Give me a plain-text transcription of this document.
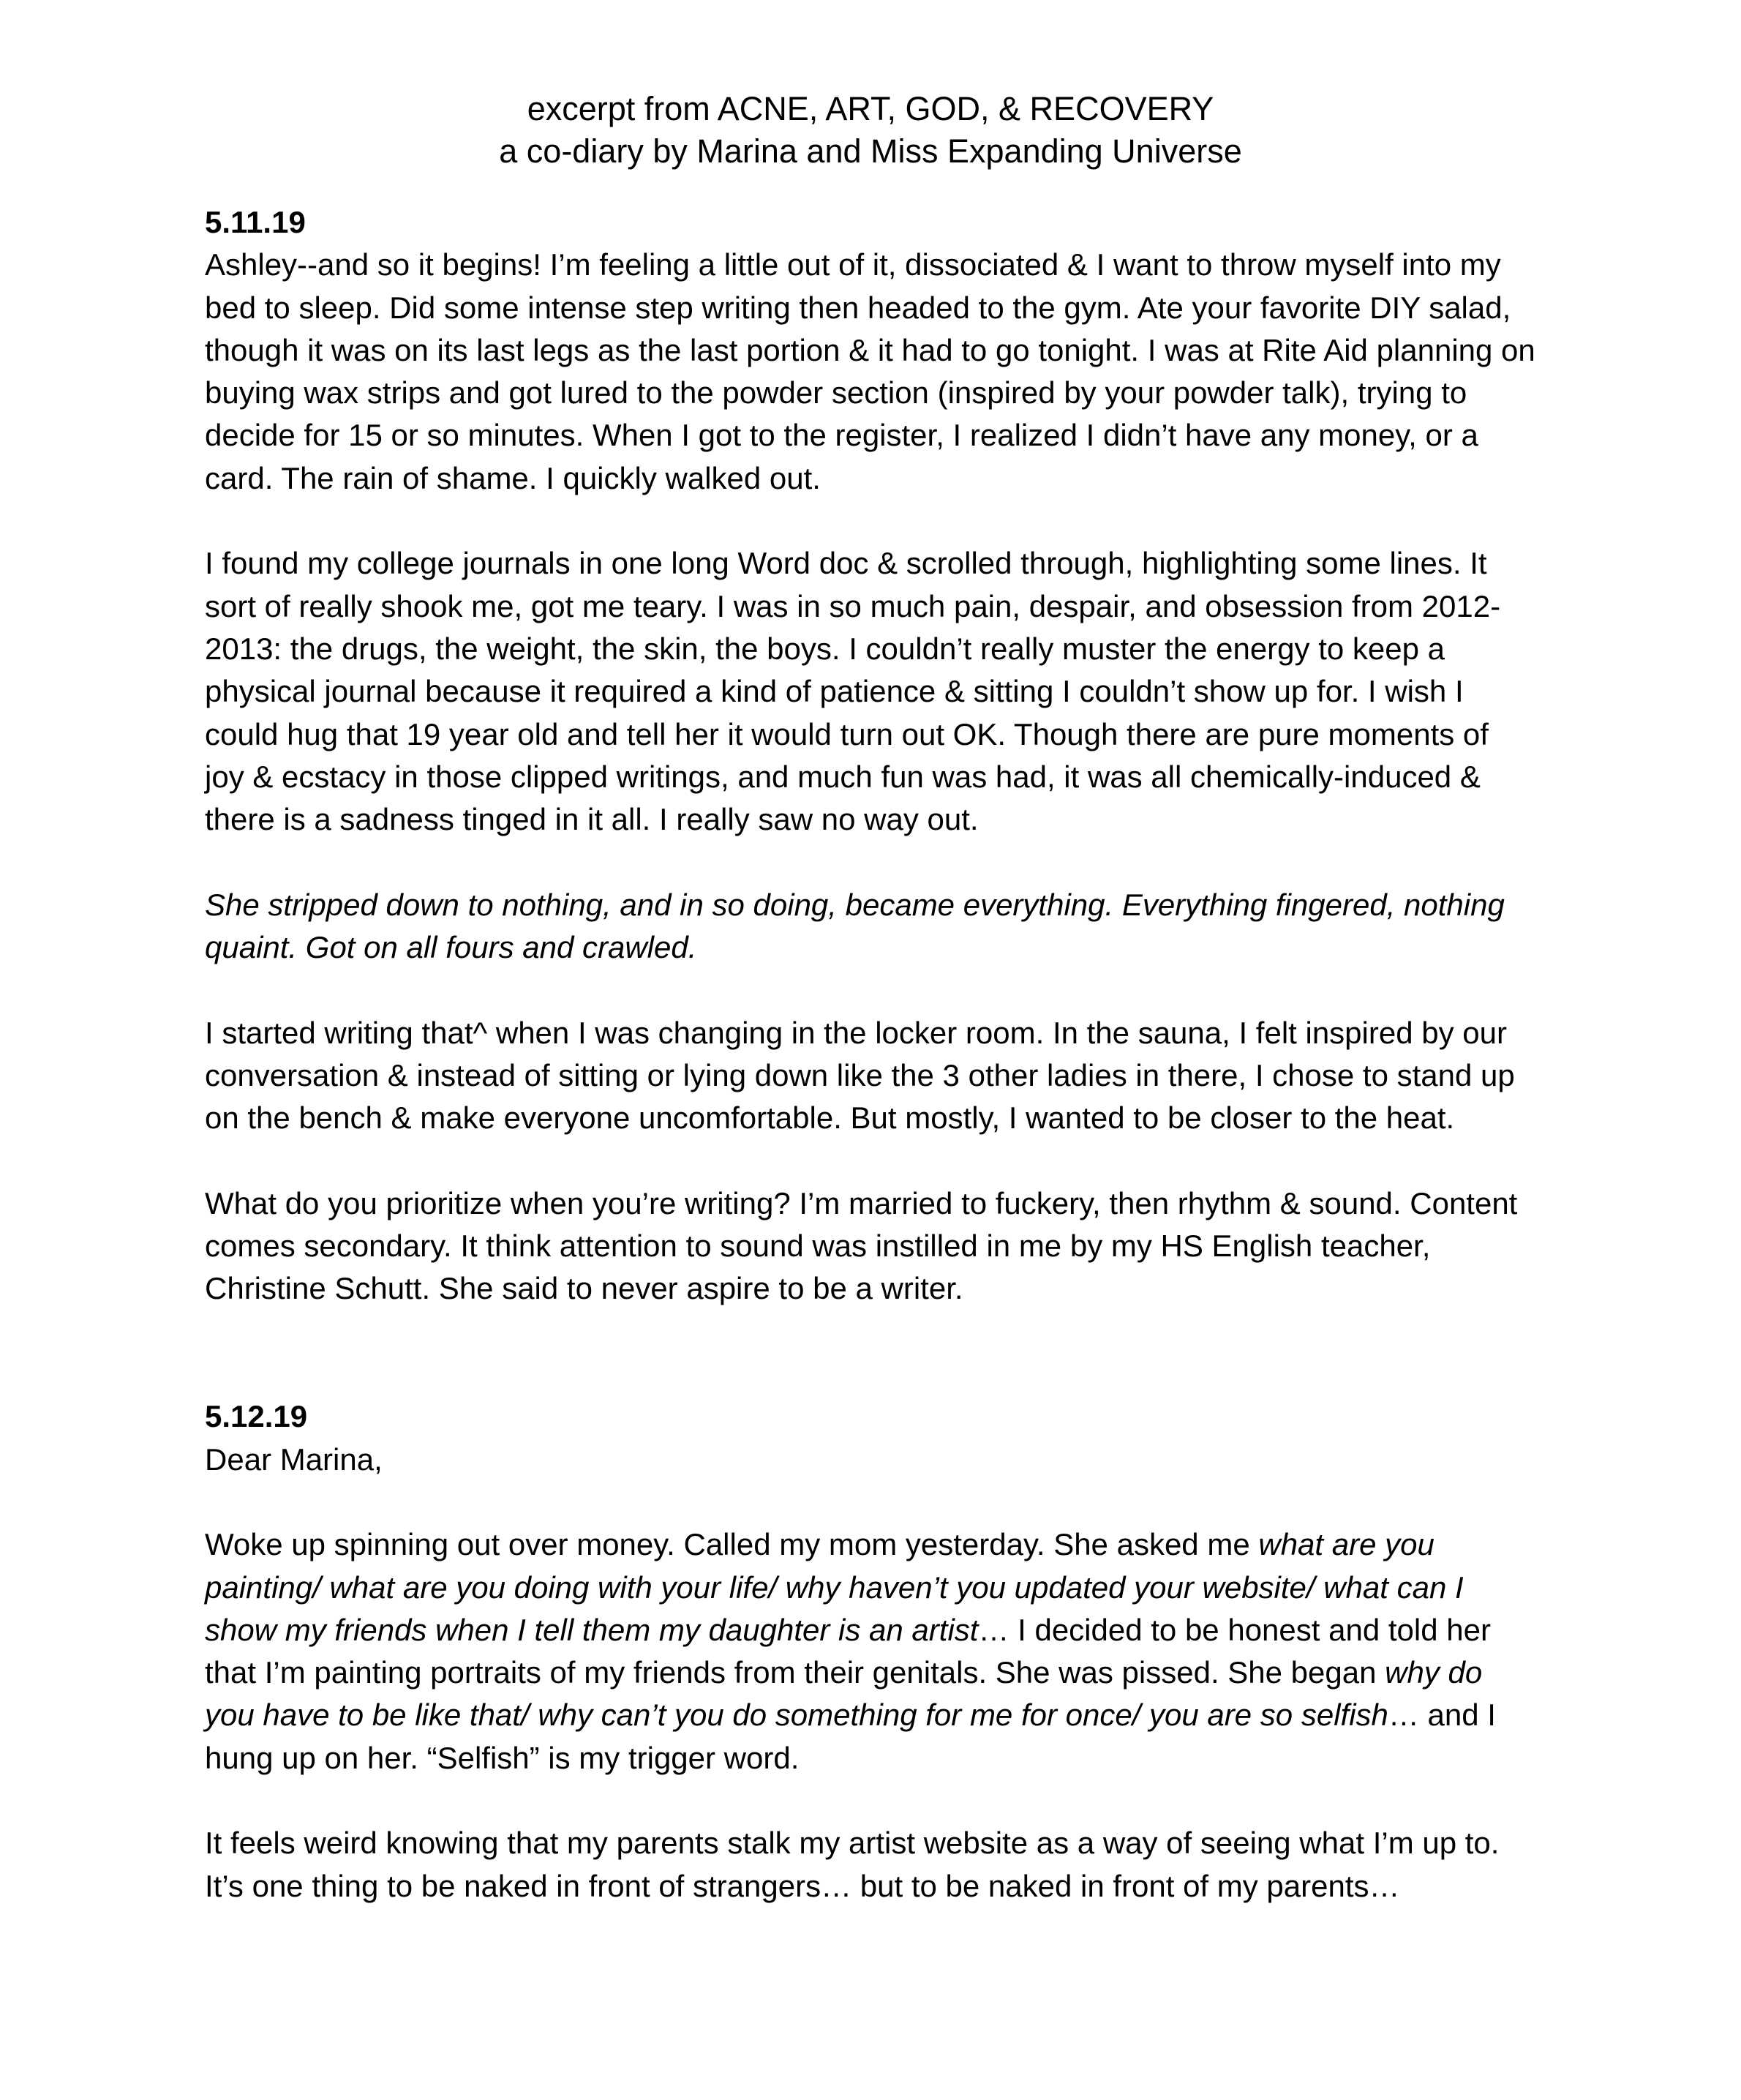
excerpt from ACNE, ART, GOD, & RECOVERY
a co-diary by Marina and Miss Expanding Universe

5.11.19

Ashley--and so it begins! I’m feeling a little out of it, dissociated & I want to throw myself into my bed to sleep. Did some intense step writing then headed to the gym. Ate your favorite DIY salad, though it was on its last legs as the last portion & it had to go tonight. I was at Rite Aid planning on buying wax strips and got lured to the powder section (inspired by your powder talk), trying to decide for 15 or so minutes. When I got to the register, I realized I didn’t have any money, or a card. The rain of shame. I quickly walked out.

I found my college journals in one long Word doc & scrolled through, highlighting some lines. It sort of really shook me, got me teary. I was in so much pain, despair, and obsession from 2012-2013: the drugs, the weight, the skin, the boys. I couldn’t really muster the energy to keep a physical journal because it required a kind of patience & sitting I couldn’t show up for. I wish I could hug that 19 year old and tell her it would turn out OK. Though there are pure moments of joy & ecstacy in those clipped writings, and much fun was had, it was all chemically-induced & there is a sadness tinged in it all. I really saw no way out.

She stripped down to nothing, and in so doing, became everything. Everything fingered, nothing quaint. Got on all fours and crawled.

I started writing that^ when I was changing in the locker room. In the sauna, I felt inspired by our conversation & instead of sitting or lying down like the 3 other ladies in there, I chose to stand up on the bench & make everyone uncomfortable. But mostly, I wanted to be closer to the heat.

What do you prioritize when you’re writing? I’m married to fuckery, then rhythm & sound. Content comes secondary. It think attention to sound was instilled in me by my HS English teacher, Christine Schutt. She said to never aspire to be a writer.

5.12.19

Dear Marina,

Woke up spinning out over money. Called my mom yesterday. She asked me what are you painting/ what are you doing with your life/ why haven’t you updated your website/ what can I show my friends when I tell them my daughter is an artist… I decided to be honest and told her that I’m painting portraits of my friends from their genitals. She was pissed. She began why do you have to be like that/ why can’t you do something for me for once/ you are so selfish… and I hung up on her. “Selfish” is my trigger word.

It feels weird knowing that my parents stalk my artist website as a way of seeing what I’m up to. It’s one thing to be naked in front of strangers… but to be naked in front of my parents…
